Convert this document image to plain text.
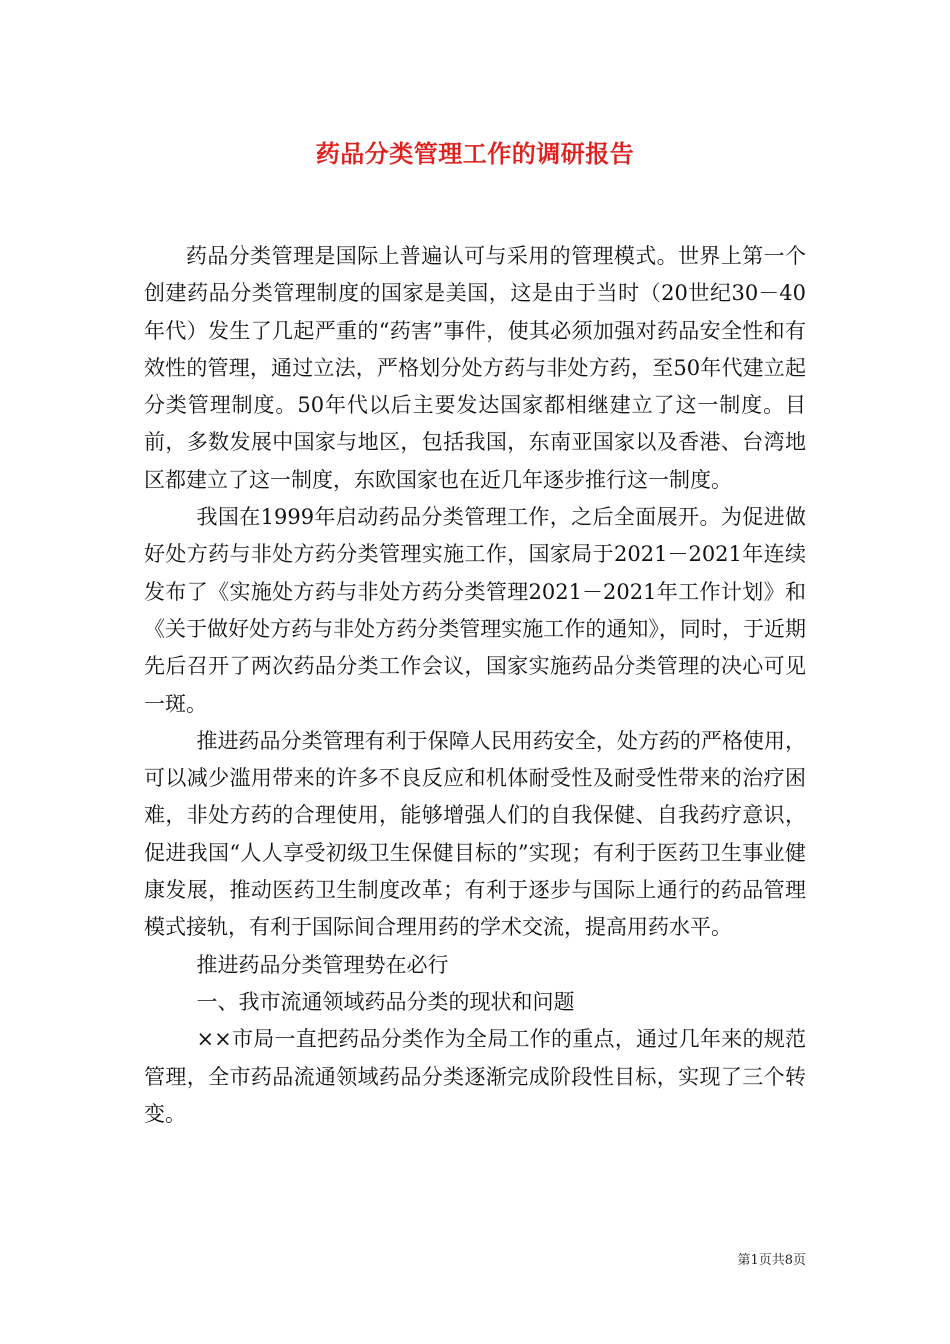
药品分类管理工作的调研报告

药品分类管理是国际上普遍认可与采用的管理模式。世界上第一个创建药品分类管理制度的国家是美国，这是由于当时（20世纪30－40年代）发生了几起严重的“药害”事件，使其必须加强对药品安全性和有效性的管理，通过立法，严格划分处方药与非处方药，至50年代建立起分类管理制度。50年代以后主要发达国家都相继建立了这一制度。目前，多数发展中国家与地区，包括我国，东南亚国家以及香港、台湾地区都建立了这一制度，东欧国家也在近几年逐步推行这一制度。

我国在1999年启动药品分类管理工作，之后全面展开。为促进做好处方药与非处方药分类管理实施工作，国家局于2021－2021年连续发布了《实施处方药与非处方药分类管理2021－2021年工作计划》和《关于做好处方药与非处方药分类管理实施工作的通知》，同时，于近期先后召开了两次药品分类工作会议，国家实施药品分类管理的决心可见一斑。

推进药品分类管理有利于保障人民用药安全，处方药的严格使用，可以减少滥用带来的许多不良反应和机体耐受性及耐受性带来的治疗困难，非处方药的合理使用，能够增强人们的自我保健、自我药疗意识，促进我国“人人享受初级卫生保健目标的”实现；有利于医药卫生事业健康发展，推动医药卫生制度改革；有利于逐步与国际上通行的药品管理模式接轨，有利于国际间合理用药的学术交流，提高用药水平。

推进药品分类管理势在必行

一、我市流通领域药品分类的现状和问题

××市局一直把药品分类作为全局工作的重点，通过几年来的规范管理，全市药品流通领域药品分类逐渐完成阶段性目标，实现了三个转变。

第1页共8页
